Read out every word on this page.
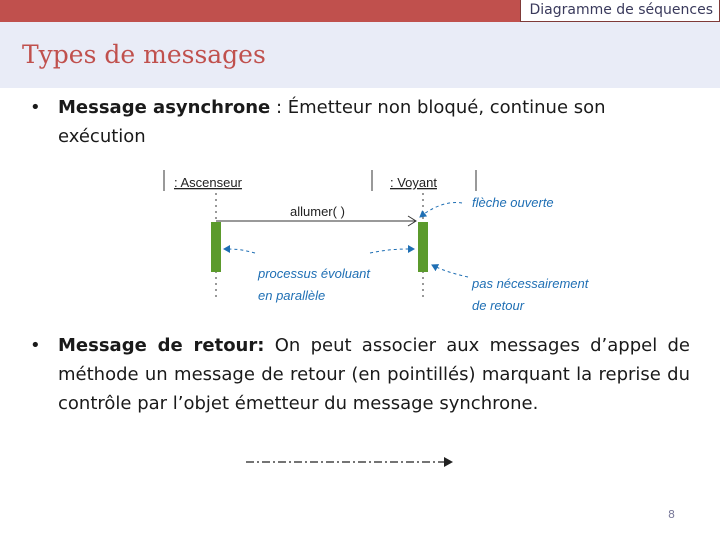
Diagramme de séquences
Types de messages
• Message asynchrone : Émetteur non bloqué, continue son exécution
: Ascenseur	: Voyant
allumer( )
flèche ouverte
processus évoluant
en parallèle
pas nécessairement
de retour
• Message de retour: On peut associer aux messages d’appel de méthode un message de retour (en pointillés) marquant la reprise du contrôle par l’objet émetteur du message synchrone.
8
